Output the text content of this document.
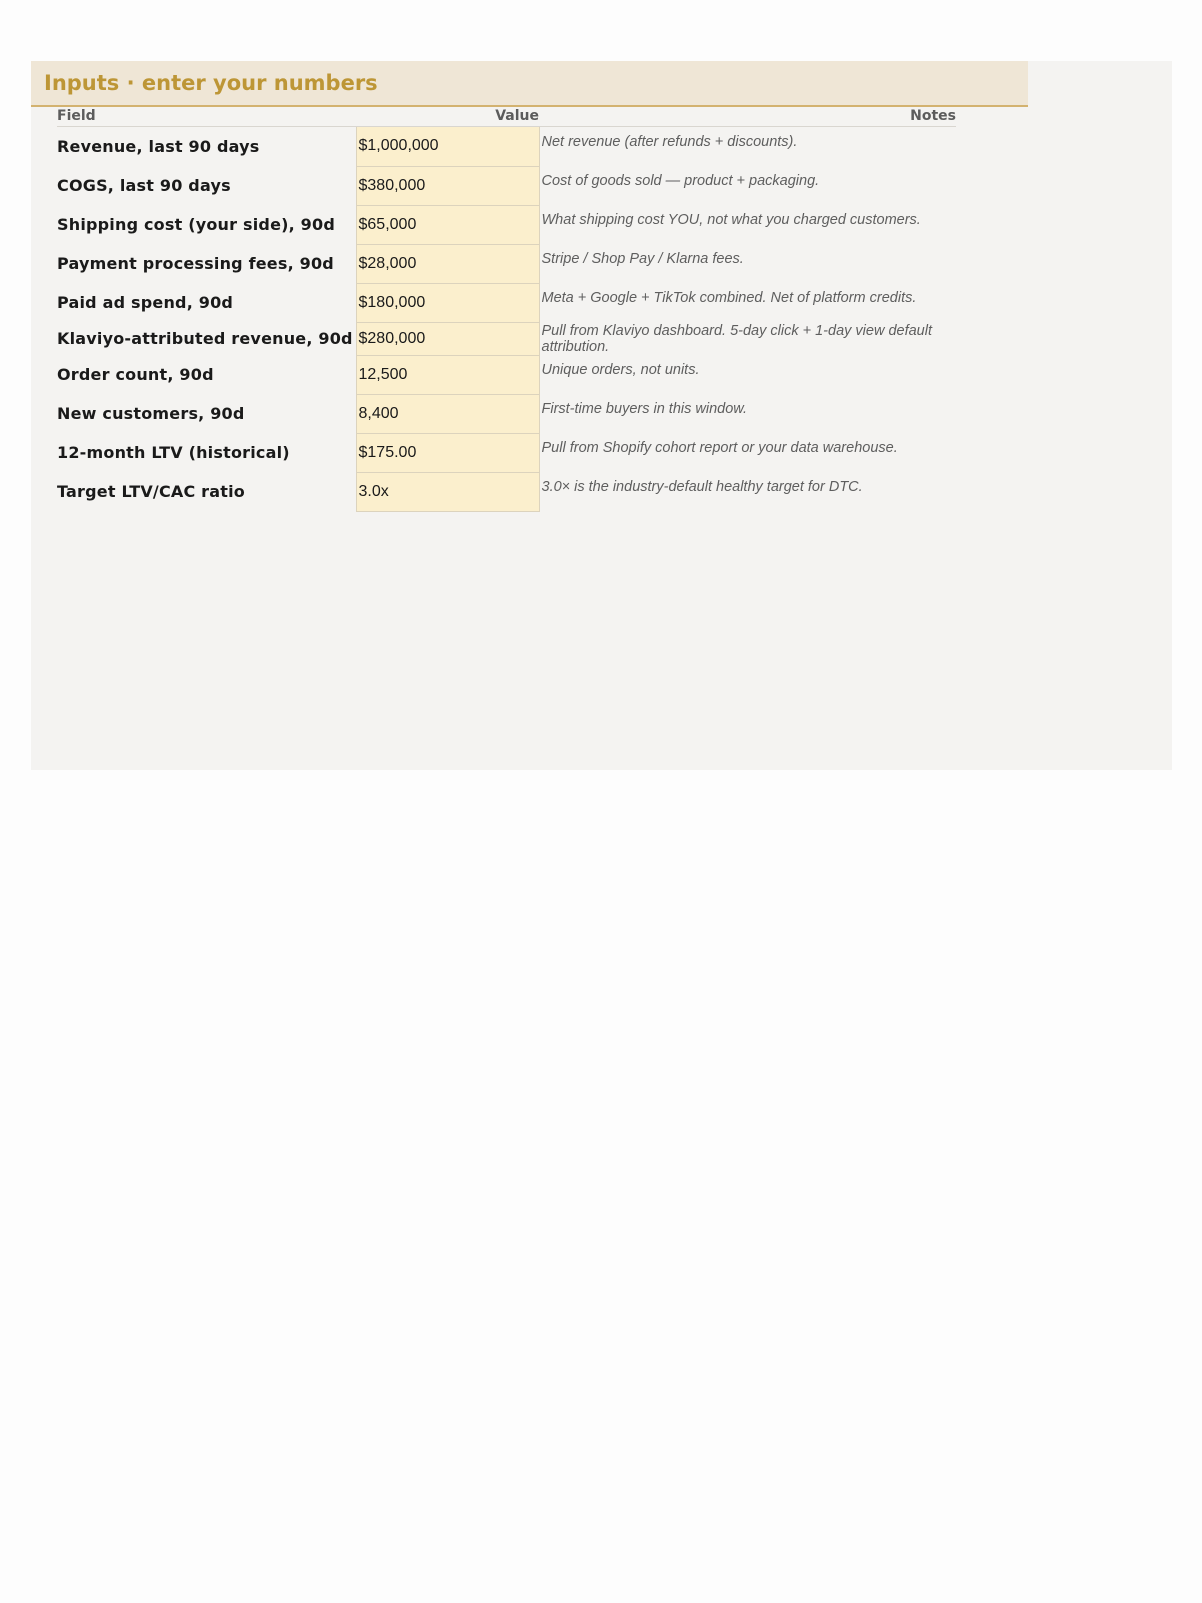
Inputs · enter your numbers
Field	Value	Notes
Revenue, last 90 days	$1,000,000	Net revenue (after refunds + discounts).
COGS, last 90 days	$380,000	Cost of goods sold — product + packaging.
Shipping cost (your side), 90d	$65,000	What shipping cost YOU, not what you charged customers.
Payment processing fees, 90d	$28,000	Stripe / Shop Pay / Klarna fees.
Paid ad spend, 90d	$180,000	Meta + Google + TikTok combined. Net of platform credits.
Klaviyo-attributed revenue, 90d	$280,000	Pull from Klaviyo dashboard. 5-day click + 1-day view default attribution.
Order count, 90d	12,500	Unique orders, not units.
New customers, 90d	8,400	First-time buyers in this window.
12-month LTV (historical)	$175.00	Pull from Shopify cohort report or your data warehouse.
Target LTV/CAC ratio	3.0x	3.0× is the industry-default healthy target for DTC.
